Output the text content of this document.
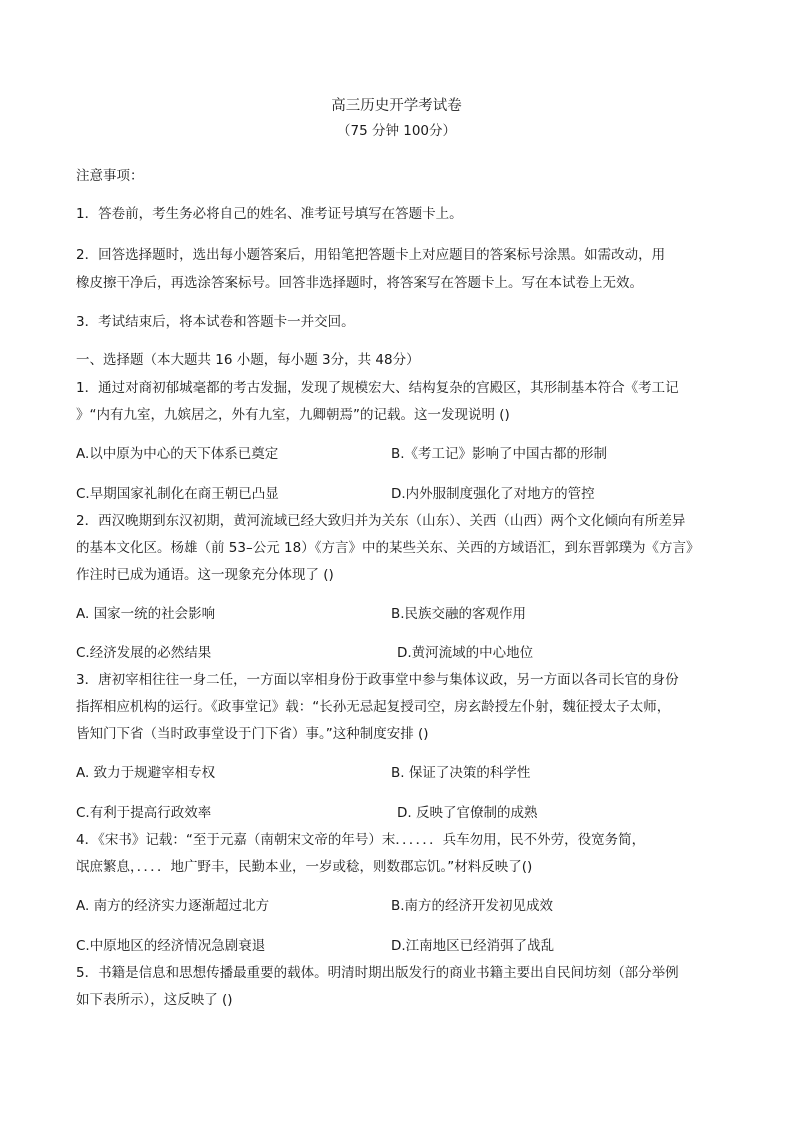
高三历史开学考试卷
（75 分钟 100分）
注意事项：
1．答卷前，考生务必将自己的姓名、准考证号填写在答题卡上。
2．回答选择题时，选出每小题答案后，用铅笔把答题卡上对应题目的答案标号涂黑。如需改动，用
橡皮擦干净后，再选涂答案标号。回答非选择题时，将答案写在答题卡上。写在本试卷上无效。
3．考试结束后，将本试卷和答题卡一并交回。
一、选择题（本大题共 16 小题，每小题 3分，共 48分）
1．通过对商初郁城毫都的考古发掘，发现了规模宏大、结构复杂的宫殿区，其形制基本符合《考工记
》“内有九室，九嫔居之，外有九室，九卿朝焉”的记载。这一发现说明 ()
A.以中原为中心的天下体系已奠定	B.《考工记》影响了中国古都的形制
C.早期国家礼制化在商王朝已凸显	D.内外服制度强化了对地方的管控
2．西汉晚期到东汉初期，黄河流域已经大致归并为关东（山东）、关西（山西）两个文化倾向有所差异
的基本文化区。杨雄（前 53–公元 18）《方言》中的某些关东、关西的方域语汇，到东晋郭璞为《方言》
作注时已成为通语。这一现象充分体现了 ()
A. 国家一统的社会影响	B.民族交融的客观作用
C.经济发展的必然结果	D.黄河流域的中心地位
3．唐初宰相往往一身二任，一方面以宰相身份于政事堂中参与集体议政，另一方面以各司长官的身份
指挥相应机构的运行。《政事堂记》载：“长孙无忌起复授司空，房玄龄授左仆射，魏征授太子太师，
皆知门下省（当时政事堂设于门下省）事。”这种制度安排 ()
A. 致力于规避宰相专权	B. 保证了决策的科学性
C.有利于提高行政效率	D. 反映了官僚制的成熟
4．《宋书》记载：“至于元嘉（南朝宋文帝的年号）末．．．．．．兵车勿用，民不外劳，役宽务简，
氓庶繁息，．．．．地广野丰，民勤本业，一岁或稔，则数郡忘饥。”材料反映了()
A. 南方的经济实力逐渐超过北方	B.南方的经济开发初见成效
C.中原地区的经济情况急剧衰退	D.江南地区已经消弭了战乱
5．书籍是信息和思想传播最重要的载体。明清时期出版发行的商业书籍主要出自民间坊刻（部分举例
如下表所示），这反映了 ()
